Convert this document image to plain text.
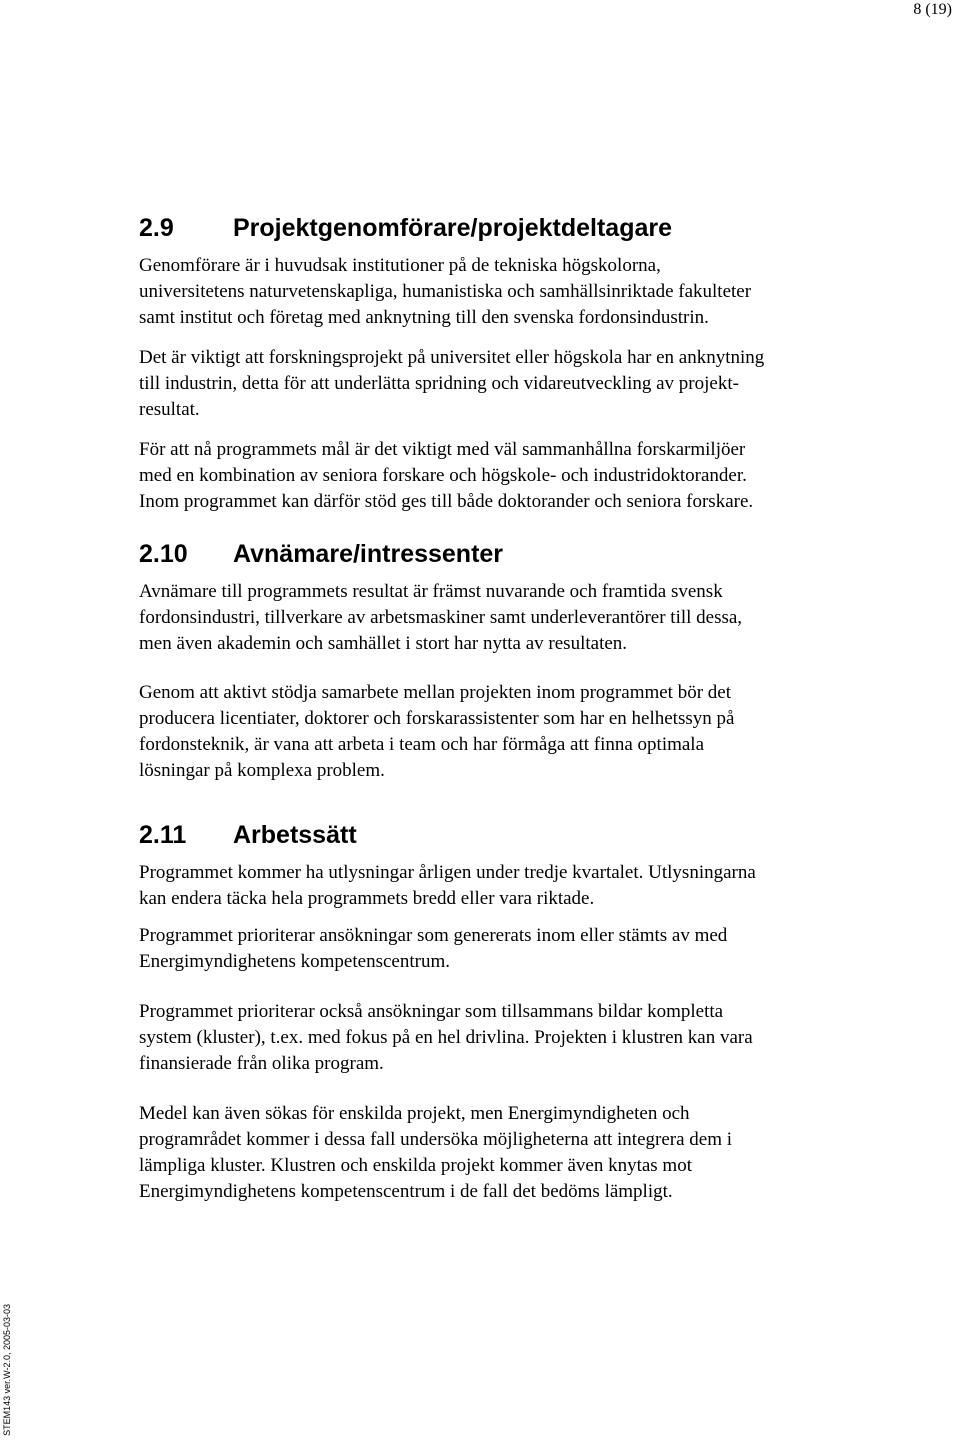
8 (19)
2.9	Projektgenomförare/projektdeltagare

Genomförare är i huvudsak institutioner på de tekniska högskolorna,
universitetens naturvetenskapliga, humanistiska och samhällsinriktade fakulteter
samt institut och företag med anknytning till den svenska fordonsindustrin.

Det är viktigt att forskningsprojekt på universitet eller högskola har en anknytning
till industrin, detta för att underlätta spridning och vidareutveckling av projekt-
resultat.

För att nå programmets mål är det viktigt med väl sammanhållna forskarmiljöer
med en kombination av seniora forskare och högskole- och industridoktorander.
Inom programmet kan därför stöd ges till både doktorander och seniora forskare.

2.10	Avnämare/intressenter

Avnämare till programmets resultat är främst nuvarande och framtida svensk
fordonsindustri, tillverkare av arbetsmaskiner samt underleverantörer till dessa,
men även akademin och samhället i stort har nytta av resultaten.

Genom att aktivt stödja samarbete mellan projekten inom programmet bör det
producera licentiater, doktorer och forskarassistenter som har en helhetssyn på
fordonsteknik, är vana att arbeta i team och har förmåga att finna optimala
lösningar på komplexa problem.

2.11	Arbetssätt

Programmet kommer ha utlysningar årligen under tredje kvartalet. Utlysningarna
kan endera täcka hela programmets bredd eller vara riktade.

Programmet prioriterar ansökningar som genererats inom eller stämts av med
Energimyndighetens kompetenscentrum.

Programmet prioriterar också ansökningar som tillsammans bildar kompletta
system (kluster), t.ex. med fokus på en hel drivlina. Projekten i klustren kan vara
finansierade från olika program.

Medel kan även sökas för enskilda projekt, men Energimyndigheten och
programrådet kommer i dessa fall undersöka möjligheterna att integrera dem i
lämpliga kluster. Klustren och enskilda projekt kommer även knytas mot
Energimyndighetens kompetenscentrum i de fall det bedöms lämpligt.

STEM143 ver.W-2.0, 2005-03-03
